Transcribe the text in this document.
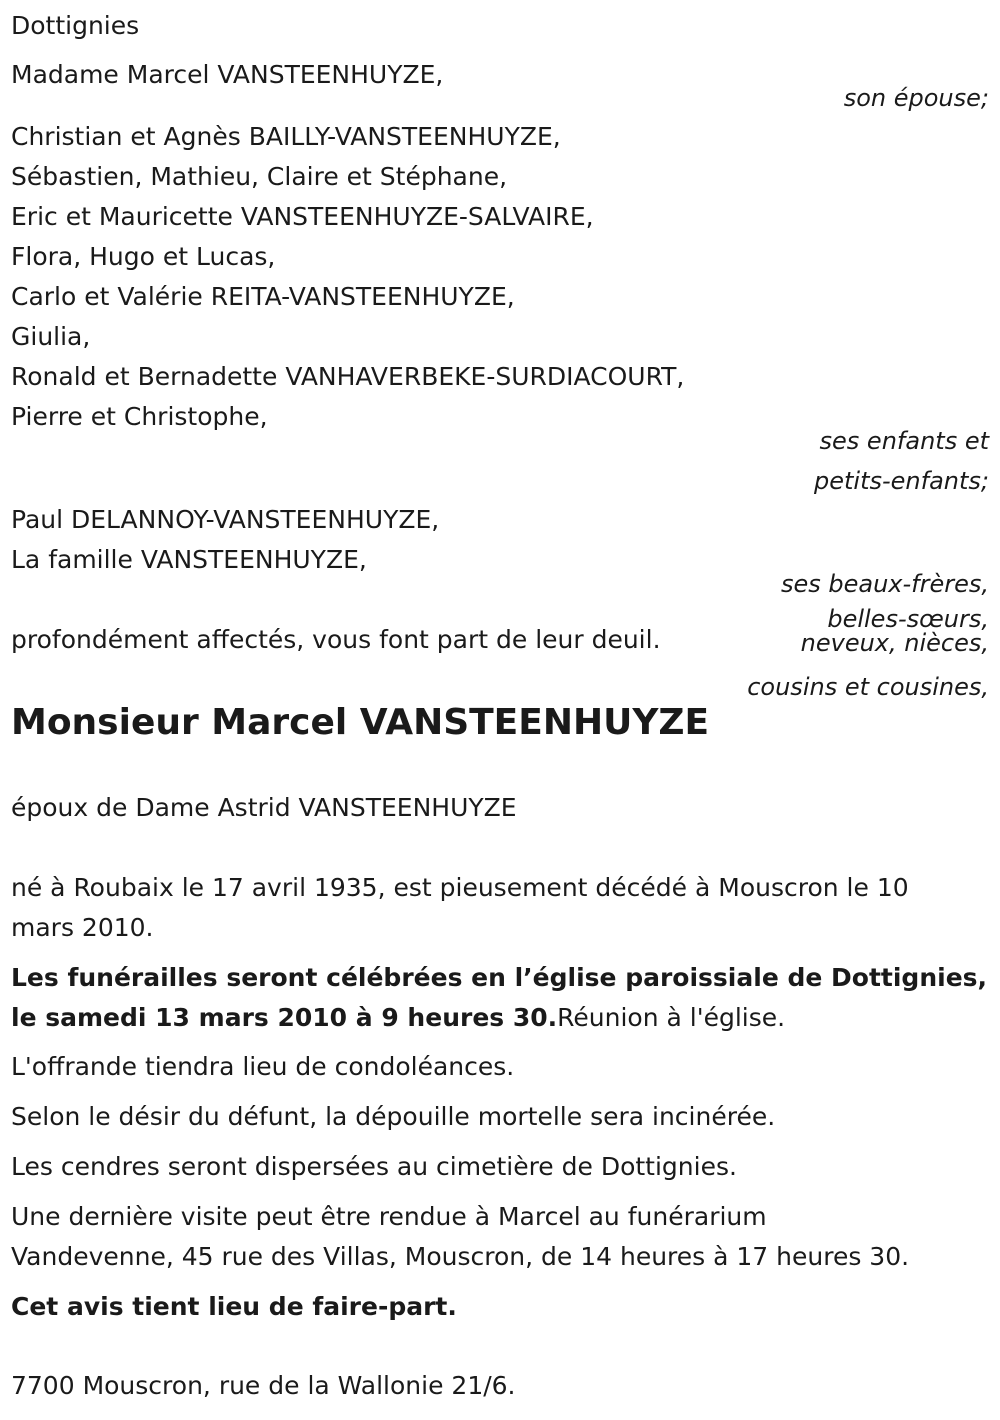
Dottignies
Madame Marcel VANSTEENHUYZE,
son épouse;
Christian et Agnès BAILLY-VANSTEENHUYZE,
Sébastien, Mathieu, Claire et Stéphane,
Eric et Mauricette VANSTEENHUYZE-SALVAIRE,
Flora, Hugo et Lucas,
Carlo et Valérie REITA-VANSTEENHUYZE,
Giulia,
Ronald et Bernadette VANHAVERBEKE-SURDIACOURT,
Pierre et Christophe,
ses enfants et
petits-enfants;
Paul DELANNOY-VANSTEENHUYZE,
La famille VANSTEENHUYZE,
ses beaux-frères,
belles-sœurs,
neveux, nièces,
cousins et cousines,
profondément affectés, vous font part de leur deuil.
Monsieur Marcel VANSTEENHUYZE
époux de Dame Astrid VANSTEENHUYZE
né à Roubaix le 17 avril 1935, est pieusement décédé à Mouscron le 10
mars 2010.
Les funérailles seront célébrées en l’église paroissiale de Dottignies,
le samedi 13 mars 2010 à 9 heures 30.Réunion à l'église.
L'offrande tiendra lieu de condoléances.
Selon le désir du défunt, la dépouille mortelle sera incinérée.
Les cendres seront dispersées au cimetière de Dottignies.
Une dernière visite peut être rendue à Marcel au funérarium
Vandevenne, 45 rue des Villas, Mouscron, de 14 heures à 17 heures 30.
Cet avis tient lieu de faire-part.
7700 Mouscron, rue de la Wallonie 21/6.
